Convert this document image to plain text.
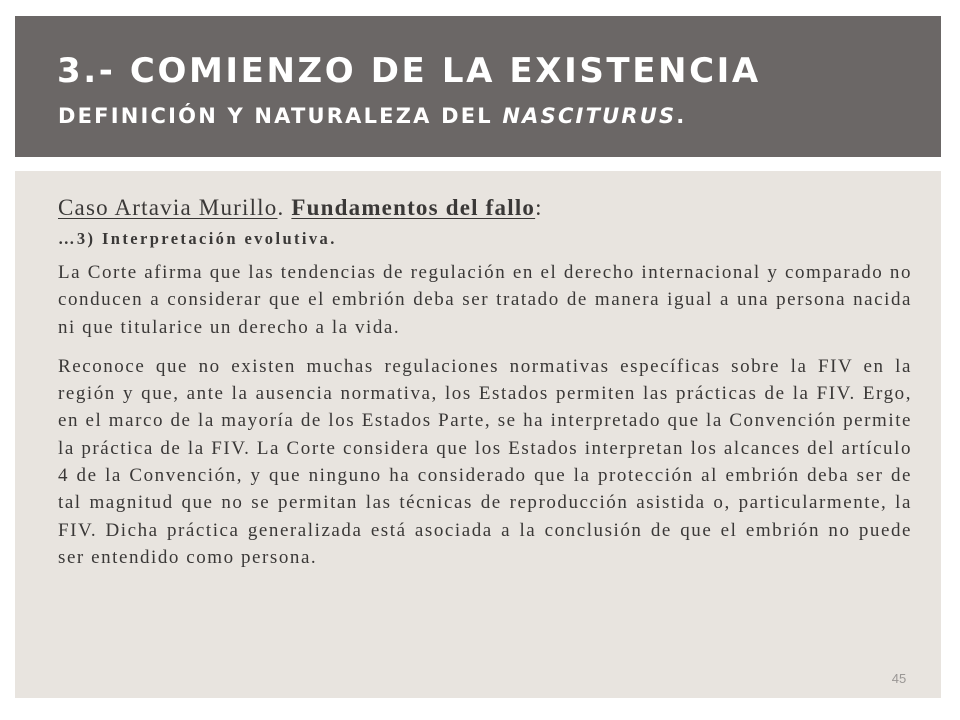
3.- COMIENZO DE LA EXISTENCIA
DEFINICIÓN Y NATURALEZA DEL NASCITURUS.
Caso Artavia Murillo. Fundamentos del fallo:
…3) Interpretación evolutiva.

La Corte afirma que las tendencias de regulación en el derecho internacional y comparado no conducen a considerar que el embrión deba ser tratado de manera igual a una persona nacida ni que titularice un derecho a la vida.

Reconoce que no existen muchas regulaciones normativas específicas sobre la FIV en la región y que, ante la ausencia normativa, los Estados permiten las prácticas de la FIV. Ergo, en el marco de la mayoría de los Estados Parte, se ha interpretado que la Convención permite la práctica de la FIV. La Corte considera que los Estados interpretan los alcances del artículo 4 de la Convención, y que ninguno ha considerado que la protección al embrión deba ser de tal magnitud que no se permitan las técnicas de reproducción asistida o, particularmente, la FIV. Dicha práctica generalizada está asociada a la conclusión de que el embrión no puede ser entendido como persona.

45
